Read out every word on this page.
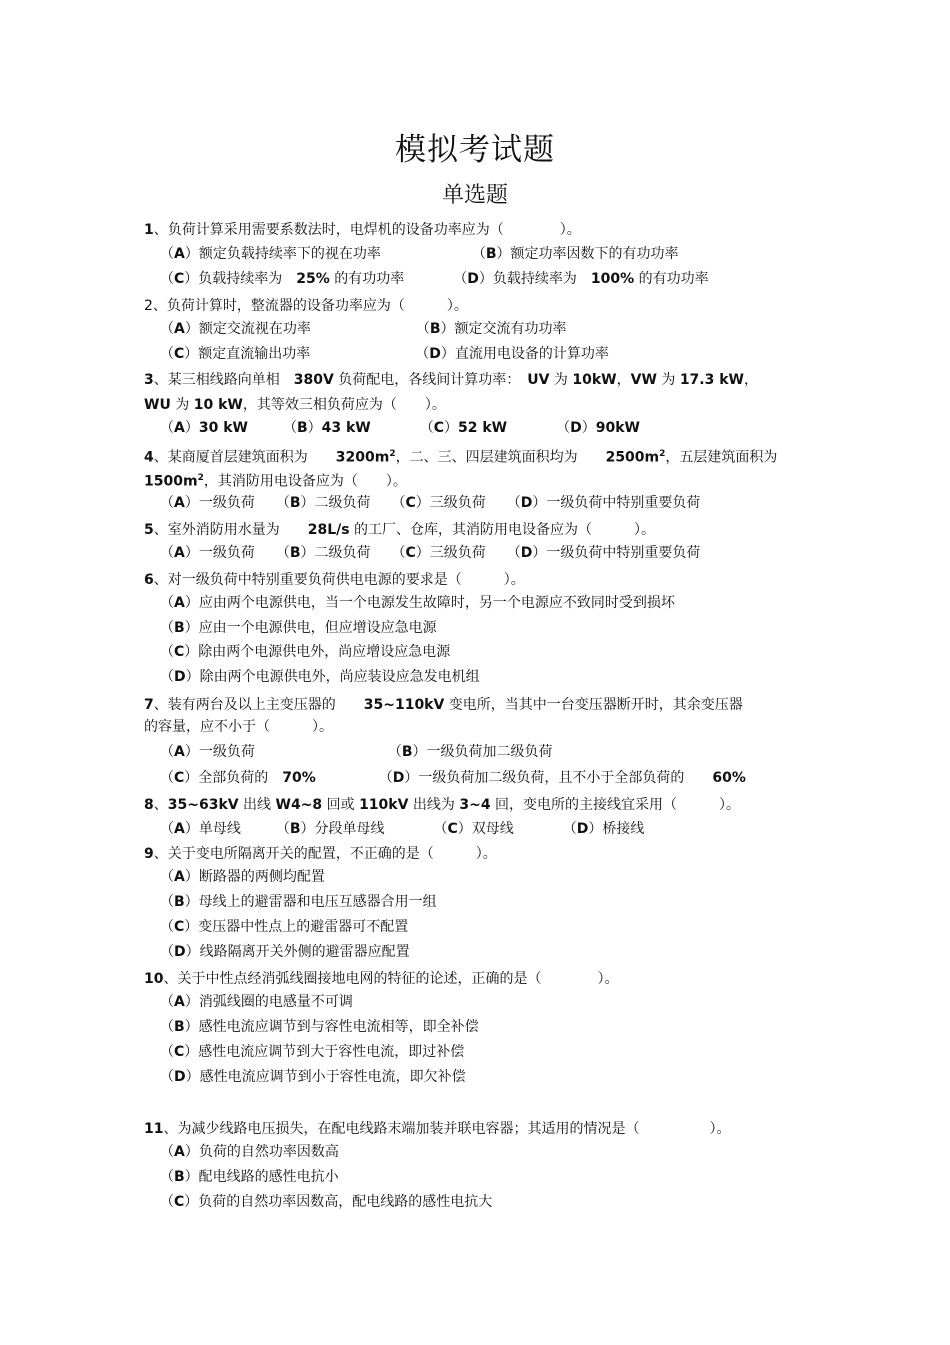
模拟考试题
单选题
1、负荷计算采用需要系数法时，电焊机的设备功率应为（　　　　）。
（A）额定负载持续率下的视在功率　　　　　　　（B）额定功率因数下的有功功率
（C）负载持续率为　25% 的有功功率　　　　（D）负载持续率为　100% 的有功功率
2、负荷计算时，整流器的设备功率应为（　　　）。
（A）额定交流视在功率　　　　　　　　（B）额定交流有功功率
（C）额定直流输出功率　　　　　　　　（D）直流用电设备的计算功率
3、某三相线路向单相　380V 负荷配电，各线间计算功率：　UV 为 10kW，VW 为 17.3 kW，
WU 为 10 kW，其等效三相负荷应为（　　）。
（A）30 kW　　　（B）43 kW　　　　（C）52 kW　　　　（D）90kW
4、某商厦首层建筑面积为　　$3200m^2$，二、三、四层建筑面积均为　　$2500m^2$，五层建筑面积为
$1500m^2$，其消防用电设备应为（　　）。
（A）一级负荷　　（B）二级负荷　　（C）三级负荷　　（D）一级负荷中特别重要负荷
5、室外消防用水量为　　28L/s 的工厂、仓库，其消防用电设备应为（　　　）。
（A）一级负荷　　（B）二级负荷　　（C）三级负荷　　（D）一级负荷中特别重要负荷
6、对一级负荷中特别重要负荷供电电源的要求是（　　　）。
（A）应由两个电源供电，当一个电源发生故障时，另一个电源应不致同时受到损坏
（B）应由一个电源供电，但应增设应急电源
（C）除由两个电源供电外，尚应增设应急电源
（D）除由两个电源供电外，尚应装设应急发电机组
7、装有两台及以上主变压器的　　35~110kV 变电所，当其中一台变压器断开时，其余变压器
的容量，应不小于（　　　）。
（A）一级负荷　　　　　　　　　　（B）一级负荷加二级负荷
（C）全部负荷的　70%　　　　　（D）一级负荷加二级负荷，且不小于全部负荷的　　60%
8、35~63kV 出线 W4~8 回或 110kV 出线为 3~4 回，变电所的主接线宜采用（　　　）。
（A）单母线　　　（B）分段单母线　　　　（C）双母线　　　　（D）桥接线
9、关于变电所隔离开关的配置，不正确的是（　　　）。
（A）断路器的两侧均配置
（B）母线上的避雷器和电压互感器合用一组
（C）变压器中性点上的避雷器可不配置
（D）线路隔离开关外侧的避雷器应配置
10、关于中性点经消弧线圈接地电网的特征的论述，正确的是（　　　　）。
（A）消弧线圈的电感量不可调
（B）感性电流应调节到与容性电流相等，即全补偿
（C）感性电流应调节到大于容性电流，即过补偿
（D）感性电流应调节到小于容性电流，即欠补偿
11、为减少线路电压损失，在配电线路末端加装并联电容器；其适用的情况是（　　　　　）。
（A）负荷的自然功率因数高
（B）配电线路的感性电抗小
（C）负荷的自然功率因数高，配电线路的感性电抗大
